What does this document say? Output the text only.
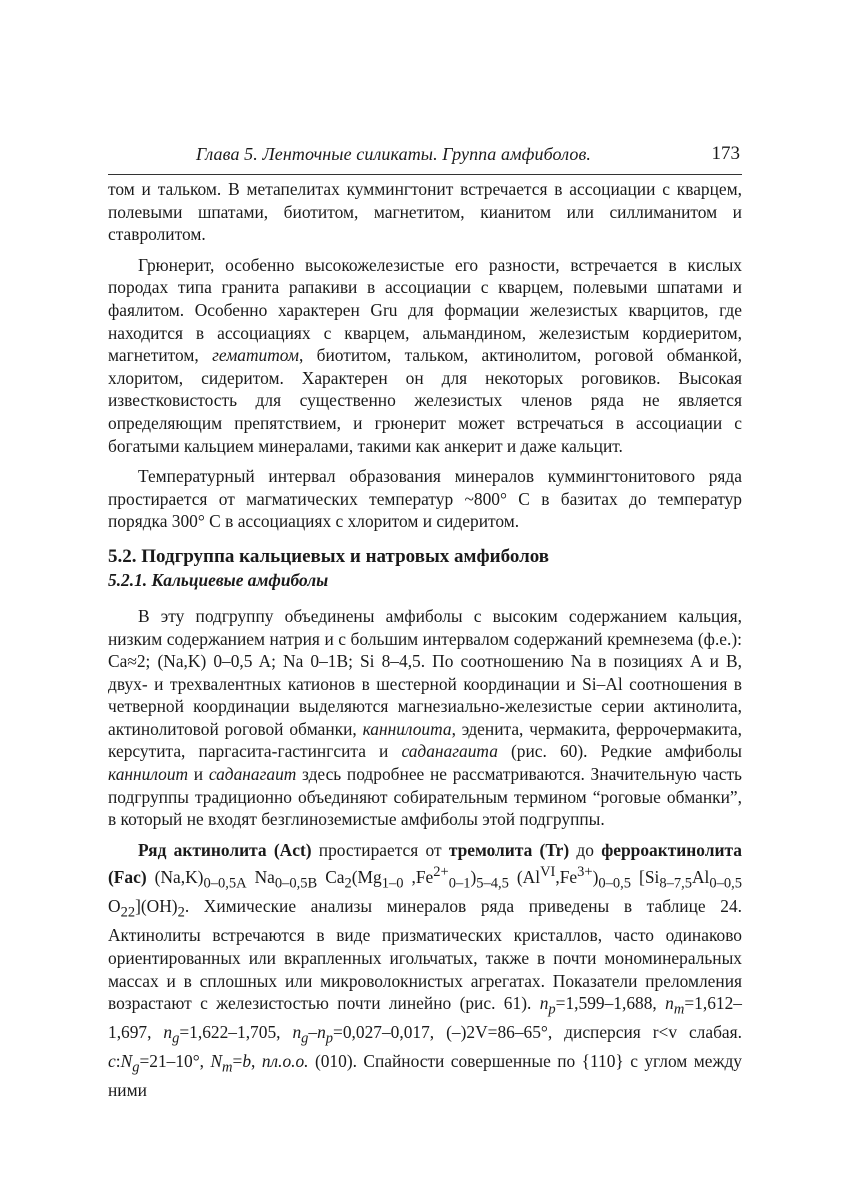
Глава 5. Ленточные силикаты. Группа амфиболов.	173

том и тальком. В метапелитах куммингтонит встречается в ассоциации с кварцем, полевыми шпатами, биотитом, магнетитом, кианитом или силлиманитом и ставролитом.

Грюнерит, особенно высокожелезистые его разности, встречается в кислых породах типа гранита рапакиви в ассоциации с кварцем, полевыми шпатами и фаялитом. Особенно характерен Gru для формации железистых кварцитов, где находится в ассоциациях с кварцем, альмандином, железистым кордиеритом, магнетитом, гематитом, биотитом, тальком, актинолитом, роговой обманкой, хлоритом, сидеритом. Характерен он для некоторых роговиков. Высокая известковистость для существенно железистых членов ряда не является определяющим препятствием, и грюнерит может встречаться в ассоциации с богатыми кальцием минералами, такими как анкерит и даже кальцит.

Температурный интервал образования минералов куммингтонитового ряда простирается от магматических температур ~800° С в базитах до температур порядка 300° С в ассоциациях с хлоритом и сидеритом.

5.2. Подгруппа кальциевых и натровых амфиболов
5.2.1. Кальциевые амфиболы

В эту подгруппу объединены амфиболы с высоким содержанием кальция, низким содержанием натрия и с большим интервалом содержаний кремнезема (ф.е.): Ca≈2; (Na,K) 0–0,5 A; Na 0–1B; Si 8–4,5. По соотношению Na в позициях А и В, двух- и трехвалентных катионов в шестерной координации и Si–Al соотношения в четверной координации выделяются магнезиально-железистые серии актинолита, актинолитовой роговой обманки, каннилоита, эденита, чермакита, феррочермакита, керсутита, паргасита-гастингсита и саданагаита (рис. 60). Редкие амфиболы каннилоит и саданагаит здесь подробнее не рассматриваются. Значительную часть подгруппы традиционно объединяют собирательным термином “роговые обманки”, в который не входят безглиноземистые амфиболы этой подгруппы.

Ряд актинолита (Act) простирается от тремолита (Tr) до ферроактинолита (Fac) $(Na,K)_{0-0,5A}$ $Na_{0-0,5B}$ $Ca_2(Mg_{1-0}$ $,Fe^{2+}_{0-1})_{5-4,5}$ $(Al^{VI},Fe^{3+})_{0-0,5}$ [$Si_{8-7,5}Al_{0-0,5}$ $O_{22}](OH)_2$. Химические анализы минералов ряда приведены в таблице 24. Актинолиты встречаются в виде призматических кристаллов, часто одинаково ориентированных или вкрапленных игольчатых, также в почти мономинеральных массах и в сплошных или микроволокнистых агрегатах. Показатели преломления возрастают с железистостью почти линейно (рис. 61). $n_p=1,599-1,688$, $n_m=1,612-1,697$, $n_g=1,622-1,705$, $n_g-n_p=0,027-0,017$, (–)2V=86–65°, дисперсия r<v слабая. $c:N_g=21-10^\circ$, $N_m=b$, пл.о.о. (010). Спайности совершенные по {110} с углом между ними
